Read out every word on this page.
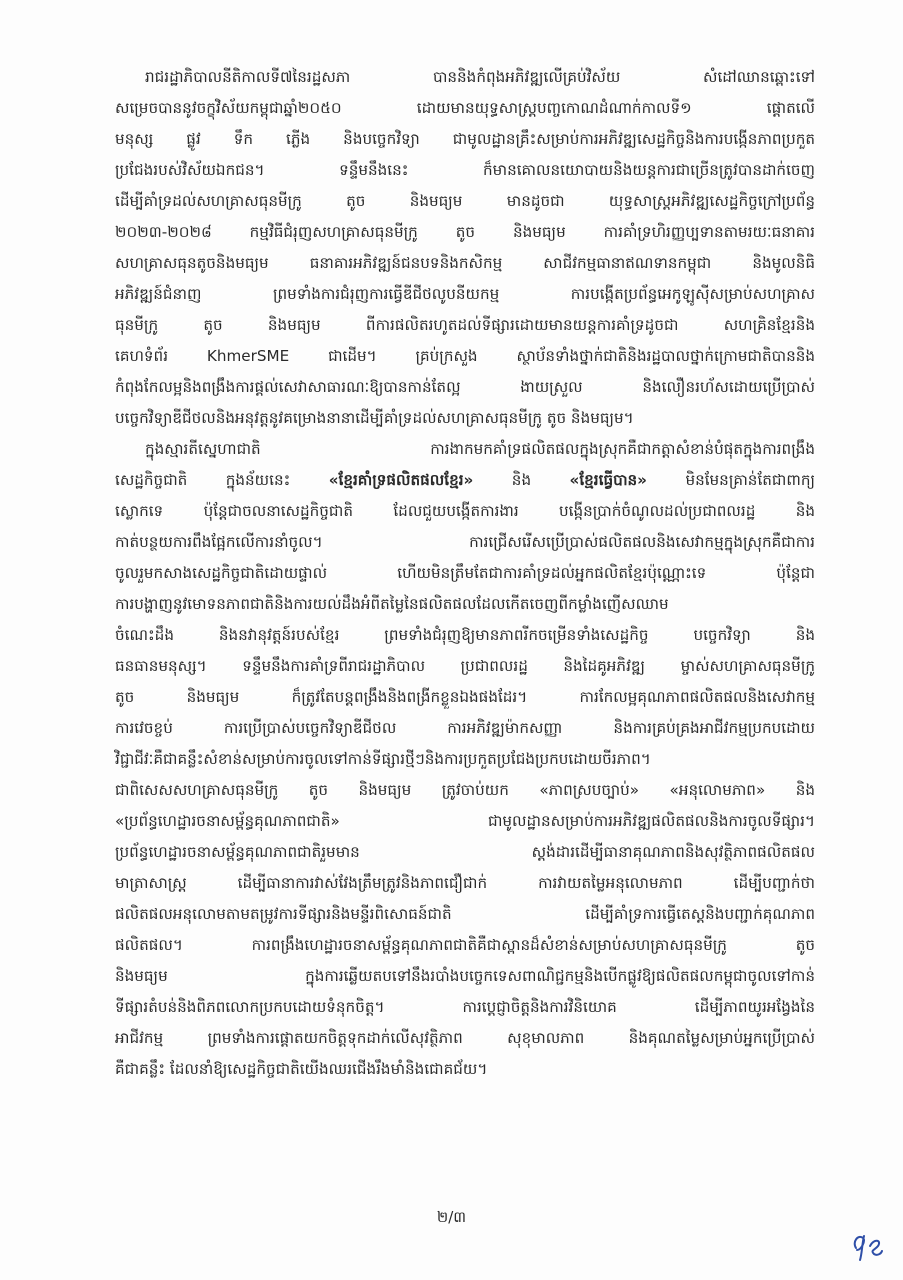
រាជរដ្ឋាភិបាលនីតិកាលទី៧នៃរដ្ឋសភា បាននិងកំពុងអភិវឌ្ឍលើគ្រប់វិស័យ សំដៅឈានឆ្ពោះទៅ
សម្រេចបាននូវចក្ខុវិស័យកម្ពុជាឆ្នាំ២០៥០ ដោយមានយុទ្ធសាស្ត្របញ្ចកោណដំណាក់កាលទី១ ផ្តោតលើ
មនុស្ស ផ្លូវ ទឹក ភ្លើង និងបច្ចេកវិទ្យា ជាមូលដ្ឋានគ្រឹះសម្រាប់ការអភិវឌ្ឍសេដ្ឋកិច្ចនិងការបង្កើនភាពប្រកួត
ប្រជែងរបស់វិស័យឯកជន។ ទន្ទឹមនឹងនេះ ក៏មានគោលនយោបាយនិងយន្តការជាច្រើនត្រូវបានដាក់ចេញ
ដើម្បីគាំទ្រដល់សហគ្រាសធុនមីក្រូ តូច និងមធ្យម មានដូចជា យុទ្ធសាស្ត្រអភិវឌ្ឍសេដ្ឋកិច្ចក្រៅប្រព័ន្ធ
២០២៣-២០២៨ កម្មវិធីជំរុញសហគ្រាសធុនមីក្រូ តូច និងមធ្យម ការគាំទ្រហិរញ្ញប្បទានតាមរយៈធនាគារ
សហគ្រាសធុនតូចនិងមធ្យម ធនាគារអភិវឌ្ឍន៍ជនបទនិងកសិកម្ម សាជីវកម្មធានាឥណទានកម្ពុជា និងមូលនិធិ
អភិវឌ្ឍន៍ជំនាញ ព្រមទាំងការជំរុញការធ្វើឌីជីថលូបនីយកម្ម ការបង្កើតប្រព័ន្ធអេកូឡូស៊ីសម្រាប់សហគ្រាស
ធុនមីក្រូ តូច និងមធ្យម ពីការផលិតរហូតដល់ទីផ្សារដោយមានយន្តការគាំទ្រដូចជា សហគ្រិនខ្មែរនិង
គេហទំព័រ KhmerSME ជាដើម។ គ្រប់ក្រសួង ស្ថាប័នទាំងថ្នាក់ជាតិនិងរដ្ឋបាលថ្នាក់ក្រោមជាតិបាននិង
កំពុងកែលម្អនិងពង្រឹងការផ្តល់សេវាសាធារណៈឱ្យបានកាន់តែល្អ ងាយស្រួល និងលឿនរហ័សដោយប្រើប្រាស់
បច្ចេកវិទ្យាឌីជីថលនិងអនុវត្តនូវគម្រោងនានាដើម្បីគាំទ្រដល់សហគ្រាសធុនមីក្រូ តូច និងមធ្យម។
ក្នុងស្មារតីស្នេហាជាតិ ការងាកមកគាំទ្រផលិតផលក្នុងស្រុកគឺជាកត្តាសំខាន់បំផុតក្នុងការពង្រឹង
សេដ្ឋកិច្ចជាតិ ក្នុងន័យនេះ «ខ្មែរគាំទ្រផលិតផលខ្មែរ» និង «ខ្មែរធ្វើបាន» មិនមែនគ្រាន់តែជាពាក្យ
ស្លោកទេ ប៉ុន្តែជាចលនាសេដ្ឋកិច្ចជាតិ ដែលជួយបង្កើតការងារ បង្កើនប្រាក់ចំណូលដល់ប្រជាពលរដ្ឋ និង
កាត់បន្ថយការពឹងផ្អែកលើការនាំចូល។ ការជ្រើសរើសប្រើប្រាស់ផលិតផលនិងសេវាកម្មក្នុងស្រុកគឺជាការ
ចូលរួមកសាងសេដ្ឋកិច្ចជាតិដោយផ្ទាល់ ហើយមិនត្រឹមតែជាការគាំទ្រដល់អ្នកផលិតខ្មែរប៉ុណ្ណោះទេ ប៉ុន្តែជា
ការបង្ហាញនូវមោទនភាពជាតិនិងការយល់ដឹងអំពីតម្លៃនៃផលិតផលដែលកើតចេញពីកម្លាំងញើសឈាម
ចំណេះដឹង និងនវានុវត្តន៍របស់ខ្មែរ ព្រមទាំងជំរុញឱ្យមានភាពរីកចម្រើនទាំងសេដ្ឋកិច្ច បច្ចេកវិទ្យា និង
ធនធានមនុស្ស។ ទន្ទឹមនឹងការគាំទ្រពីរាជរដ្ឋាភិបាល ប្រជាពលរដ្ឋ និងដៃគូអភិវឌ្ឍ ម្ចាស់សហគ្រាសធុនមីក្រូ
តូច និងមធ្យម ក៏ត្រូវតែបន្តពង្រឹងនិងពង្រីកខ្លួនឯងផងដែរ។ ការកែលម្អគុណភាពផលិតផលនិងសេវាកម្ម
ការវេចខ្ចប់ ការប្រើប្រាស់បច្ចេកវិទ្យាឌីជីថល ការអភិវឌ្ឍម៉ាកសញ្ញា និងការគ្រប់គ្រងអាជីវកម្មប្រកបដោយ
វិជ្ជាជីវៈគឺជាគន្លឹះសំខាន់សម្រាប់ការចូលទៅកាន់ទីផ្សារថ្មីៗនិងការប្រកួតប្រជែងប្រកបដោយចីរភាព។
ជាពិសេសសហគ្រាសធុនមីក្រូ តូច និងមធ្យម ត្រូវចាប់យក «ភាពស្របច្បាប់» «អនុលោមភាព» និង
«ប្រព័ន្ធហេដ្ឋារចនាសម្ព័ន្ធគុណភាពជាតិ» ជាមូលដ្ឋានសម្រាប់ការអភិវឌ្ឍផលិតផលនិងការចូលទីផ្សារ។
ប្រព័ន្ធហេដ្ឋារចនាសម្ព័ន្ធគុណភាពជាតិរួមមាន ស្តង់ដារដើម្បីធានាគុណភាពនិងសុវត្ថិភាពផលិតផល
មាត្រាសាស្ត្រ ដើម្បីធានាការវាស់វែងត្រឹមត្រូវនិងភាពជឿជាក់ ការវាយតម្លៃអនុលោមភាព ដើម្បីបញ្ជាក់ថា
ផលិតផលអនុលោមតាមតម្រូវការទីផ្សារនិងមន្ទីរពិសោធន៍ជាតិ ដើម្បីគាំទ្រការធ្វើតេស្តនិងបញ្ជាក់គុណភាព
ផលិតផល។ ការពង្រឹងហេដ្ឋារចនាសម្ព័ន្ធគុណភាពជាតិគឺជាស្ពានដ៏សំខាន់សម្រាប់សហគ្រាសធុនមីក្រូ តូច
និងមធ្យម ក្នុងការឆ្លើយតបទៅនឹងរបាំងបច្ចេកទេសពាណិជ្ជកម្មនិងបើកផ្លូវឱ្យផលិតផលកម្ពុជាចូលទៅកាន់
ទីផ្សារតំបន់និងពិភពលោកប្រកបដោយទំនុកចិត្ត។ ការប្តេជ្ញាចិត្តនិងការវិនិយោគ ដើម្បីភាពយូរអង្វែងនៃ
អាជីវកម្ម ព្រមទាំងការផ្តោតយកចិត្តទុកដាក់លើសុវត្ថិភាព សុខុមាលភាព និងគុណតម្លៃសម្រាប់អ្នកប្រើប្រាស់
គឺជាគន្លឹះ ដែលនាំឱ្យសេដ្ឋកិច្ចជាតិយើងឈរជើងរឹងមាំនិងជោគជ័យ។
២/៣
